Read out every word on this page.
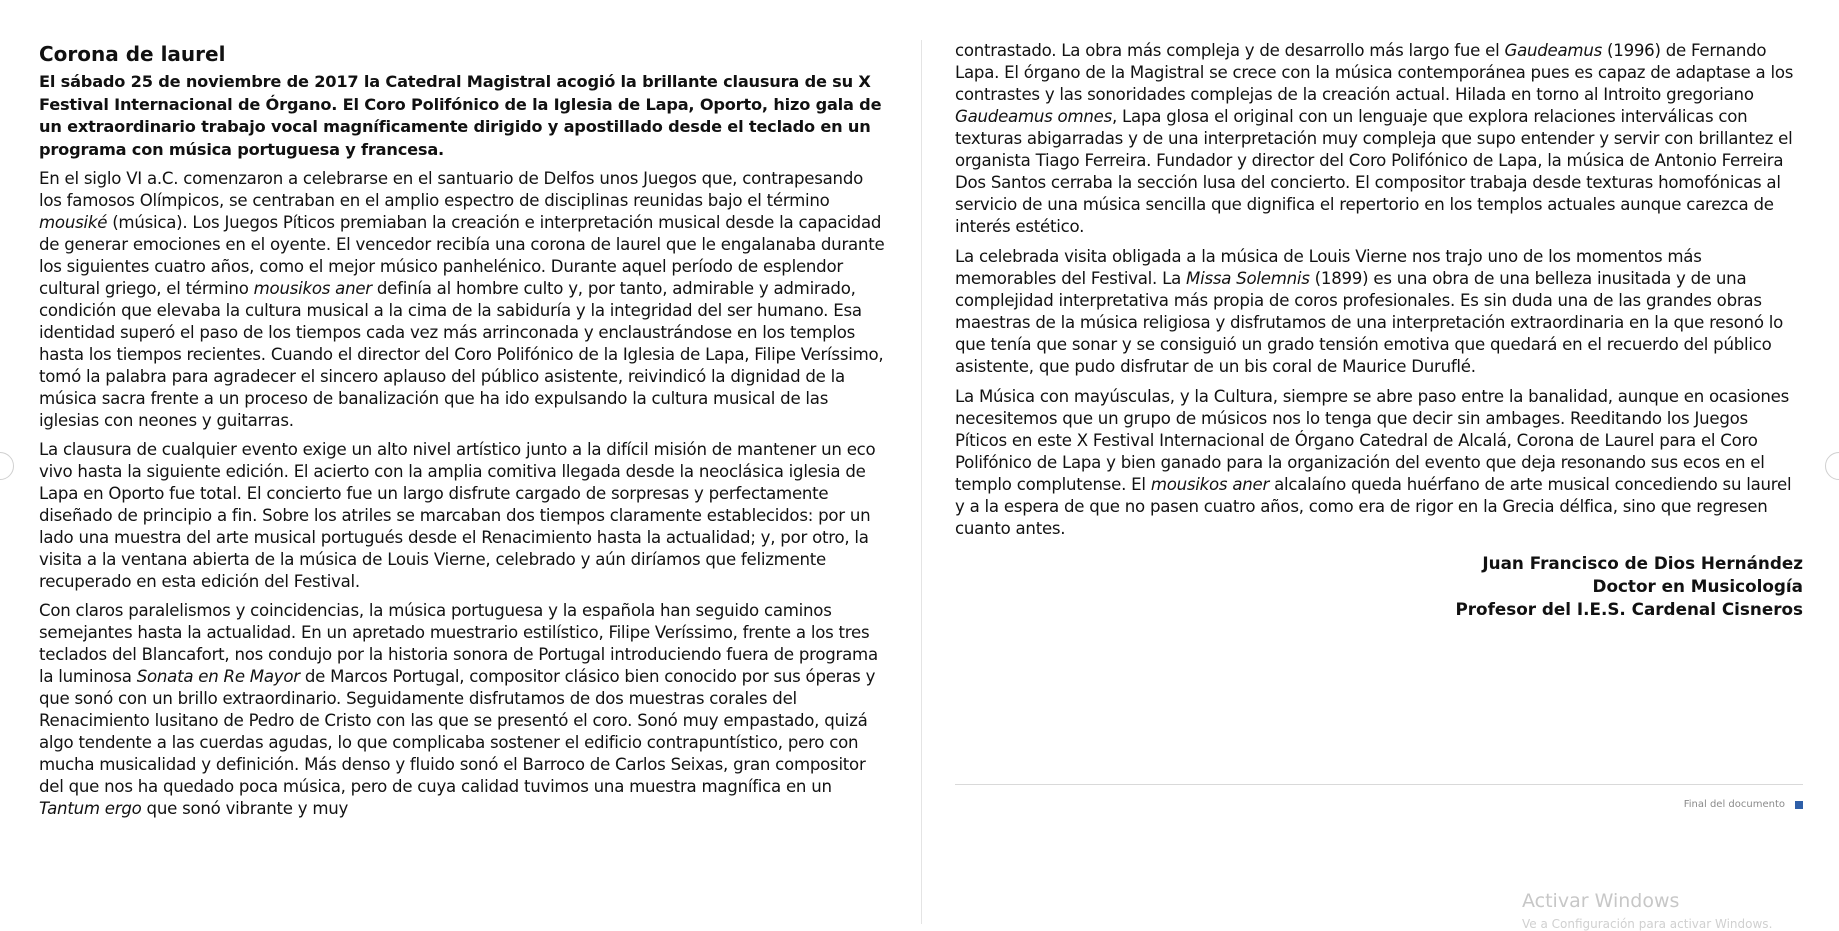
Corona de laurel
El sábado 25 de noviembre de 2017 la Catedral Magistral acogió la brillante clausura de su X Festival Internacional de Órgano. El Coro Polifónico de la Iglesia de Lapa, Oporto, hizo gala de un extraordinario trabajo vocal magníficamente dirigido y apostillado desde el teclado en un programa con música portuguesa y francesa.

En el siglo VI a.C. comenzaron a celebrarse en el santuario de Delfos unos Juegos que, contrapesando los famosos Olímpicos, se centraban en el amplio espectro de disciplinas reunidas bajo el término mousiké (música). Los Juegos Píticos premiaban la creación e interpretación musical desde la capacidad de generar emociones en el oyente. El vencedor recibía una corona de laurel que le engalanaba durante los siguientes cuatro años, como el mejor músico panhelénico. Durante aquel período de esplendor cultural griego, el término mousikos aner definía al hombre culto y, por tanto, admirable y admirado, condición que elevaba la cultura musical a la cima de la sabiduría y la integridad del ser humano. Esa identidad superó el paso de los tiempos cada vez más arrinconada y enclaustrándose en los templos hasta los tiempos recientes. Cuando el director del Coro Polifónico de la Iglesia de Lapa, Filipe Veríssimo, tomó la palabra para agradecer el sincero aplauso del público asistente, reivindicó la dignidad de la música sacra frente a un proceso de banalización que ha ido expulsando la cultura musical de las iglesias con neones y guitarras.

La clausura de cualquier evento exige un alto nivel artístico junto a la difícil misión de mantener un eco vivo hasta la siguiente edición. El acierto con la amplia comitiva llegada desde la neoclásica iglesia de Lapa en Oporto fue total. El concierto fue un largo disfrute cargado de sorpresas y perfectamente diseñado de principio a fin. Sobre los atriles se marcaban dos tiempos claramente establecidos: por un lado una muestra del arte musical portugués desde el Renacimiento hasta la actualidad; y, por otro, la visita a la ventana abierta de la música de Louis Vierne, celebrado y aún diríamos que felizmente recuperado en esta edición del Festival.

Con claros paralelismos y coincidencias, la música portuguesa y la española han seguido caminos semejantes hasta la actualidad. En un apretado muestrario estilístico, Filipe Veríssimo, frente a los tres teclados del Blancafort, nos condujo por la historia sonora de Portugal introduciendo fuera de programa la luminosa Sonata en Re Mayor de Marcos Portugal, compositor clásico bien conocido por sus óperas y que sonó con un brillo extraordinario. Seguidamente disfrutamos de dos muestras corales del Renacimiento lusitano de Pedro de Cristo con las que se presentó el coro. Sonó muy empastado, quizá algo tendente a las cuerdas agudas, lo que complicaba sostener el edificio contrapuntístico, pero con mucha musicalidad y definición. Más denso y fluido sonó el Barroco de Carlos Seixas, gran compositor del que nos ha quedado poca música, pero de cuya calidad tuvimos una muestra magnífica en un Tantum ergo que sonó vibrante y muy

contrastado. La obra más compleja y de desarrollo más largo fue el Gaudeamus (1996) de Fernando Lapa. El órgano de la Magistral se crece con la música contemporánea pues es capaz de adaptase a los contrastes y las sonoridades complejas de la creación actual. Hilada en torno al Introito gregoriano Gaudeamus omnes, Lapa glosa el original con un lenguaje que explora relaciones interválicas con texturas abigarradas y de una interpretación muy compleja que supo entender y servir con brillantez el organista Tiago Ferreira. Fundador y director del Coro Polifónico de Lapa, la música de Antonio Ferreira Dos Santos cerraba la sección lusa del concierto. El compositor trabaja desde texturas homofónicas al servicio de una música sencilla que dignifica el repertorio en los templos actuales aunque carezca de interés estético.

La celebrada visita obligada a la música de Louis Vierne nos trajo uno de los momentos más memorables del Festival. La Missa Solemnis (1899) es una obra de una belleza inusitada y de una complejidad interpretativa más propia de coros profesionales. Es sin duda una de las grandes obras maestras de la música religiosa y disfrutamos de una interpretación extraordinaria en la que resonó lo que tenía que sonar y se consiguió un grado tensión emotiva que quedará en el recuerdo del público asistente, que pudo disfrutar de un bis coral de Maurice Duruflé.

La Música con mayúsculas, y la Cultura, siempre se abre paso entre la banalidad, aunque en ocasiones necesitemos que un grupo de músicos nos lo tenga que decir sin ambages. Reeditando los Juegos Píticos en este X Festival Internacional de Órgano Catedral de Alcalá, Corona de Laurel para el Coro Polifónico de Lapa y bien ganado para la organización del evento que deja resonando sus ecos en el templo complutense. El mousikos aner alcalaíno queda huérfano de arte musical concediendo su laurel y a la espera de que no pasen cuatro años, como era de rigor en la Grecia délfica, sino que regresen cuanto antes.

Juan Francisco de Dios Hernández
Doctor en Musicología
Profesor del I.E.S. Cardenal Cisneros
Final del documento
Activar Windows
Ve a Configuración para activar Windows.
